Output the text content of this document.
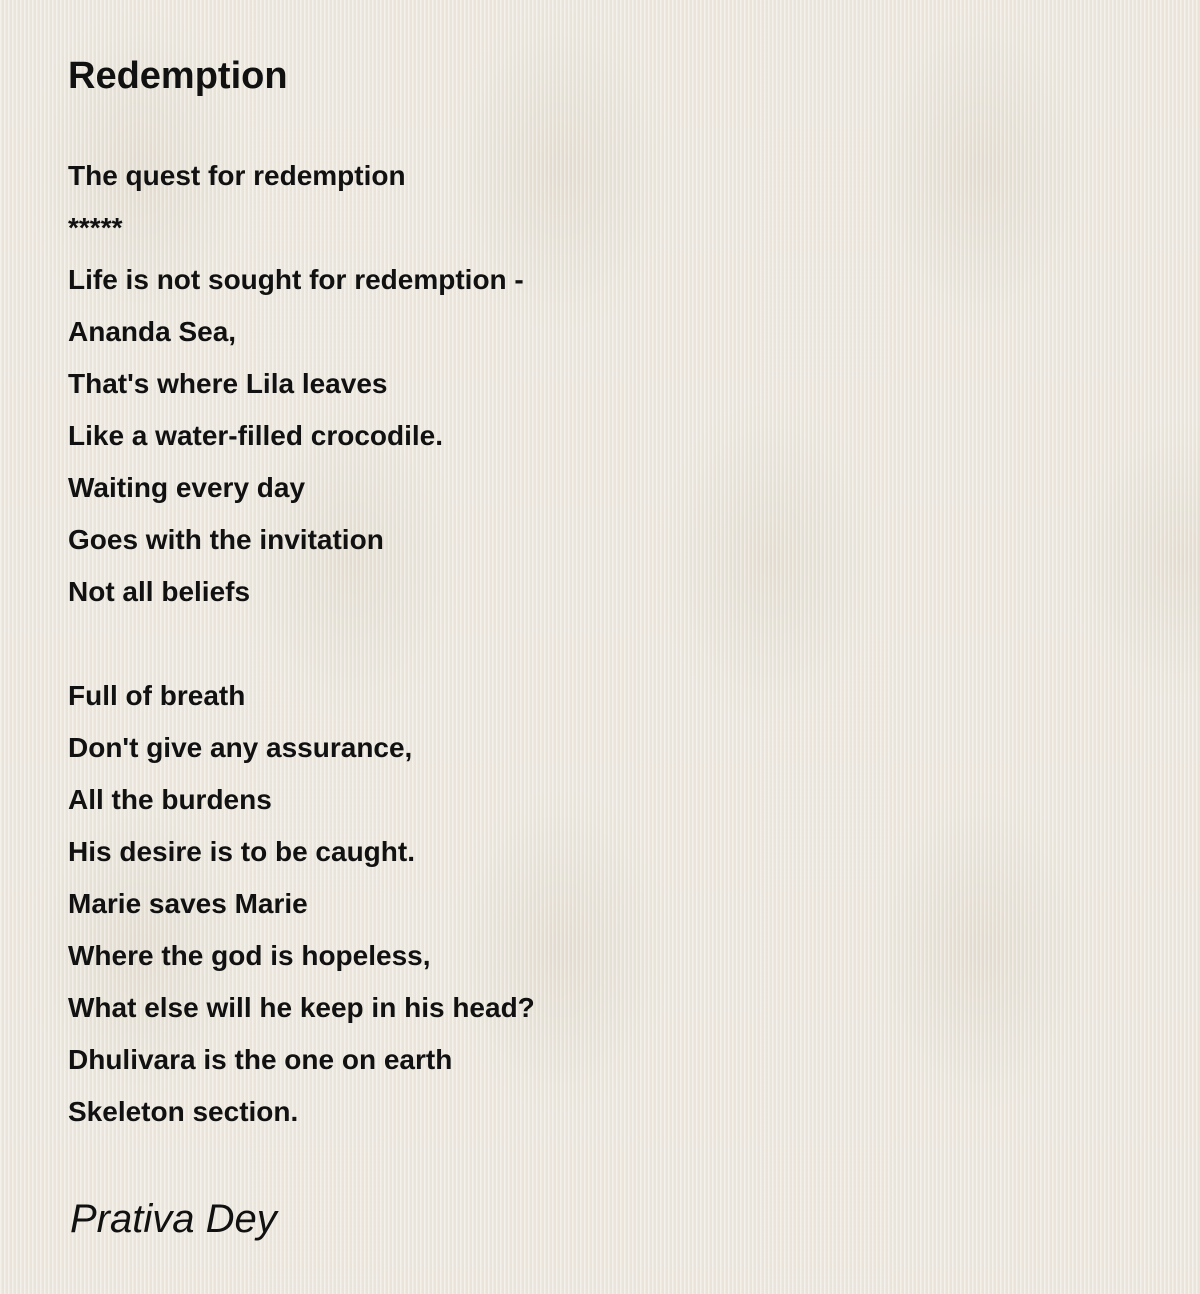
Redemption
The quest for redemption
*****
Life is not sought for redemption -
Ananda Sea,
That's where Lila leaves
Like a water-filled crocodile.
Waiting every day
Goes with the invitation
Not all beliefs
Full of breath
Don't give any assurance,
All the burdens
His desire is to be caught.
Marie saves Marie
Where the god is hopeless,
What else will he keep in his head?
Dhulivara is the one on earth
Skeleton section.
Prativa Dey
